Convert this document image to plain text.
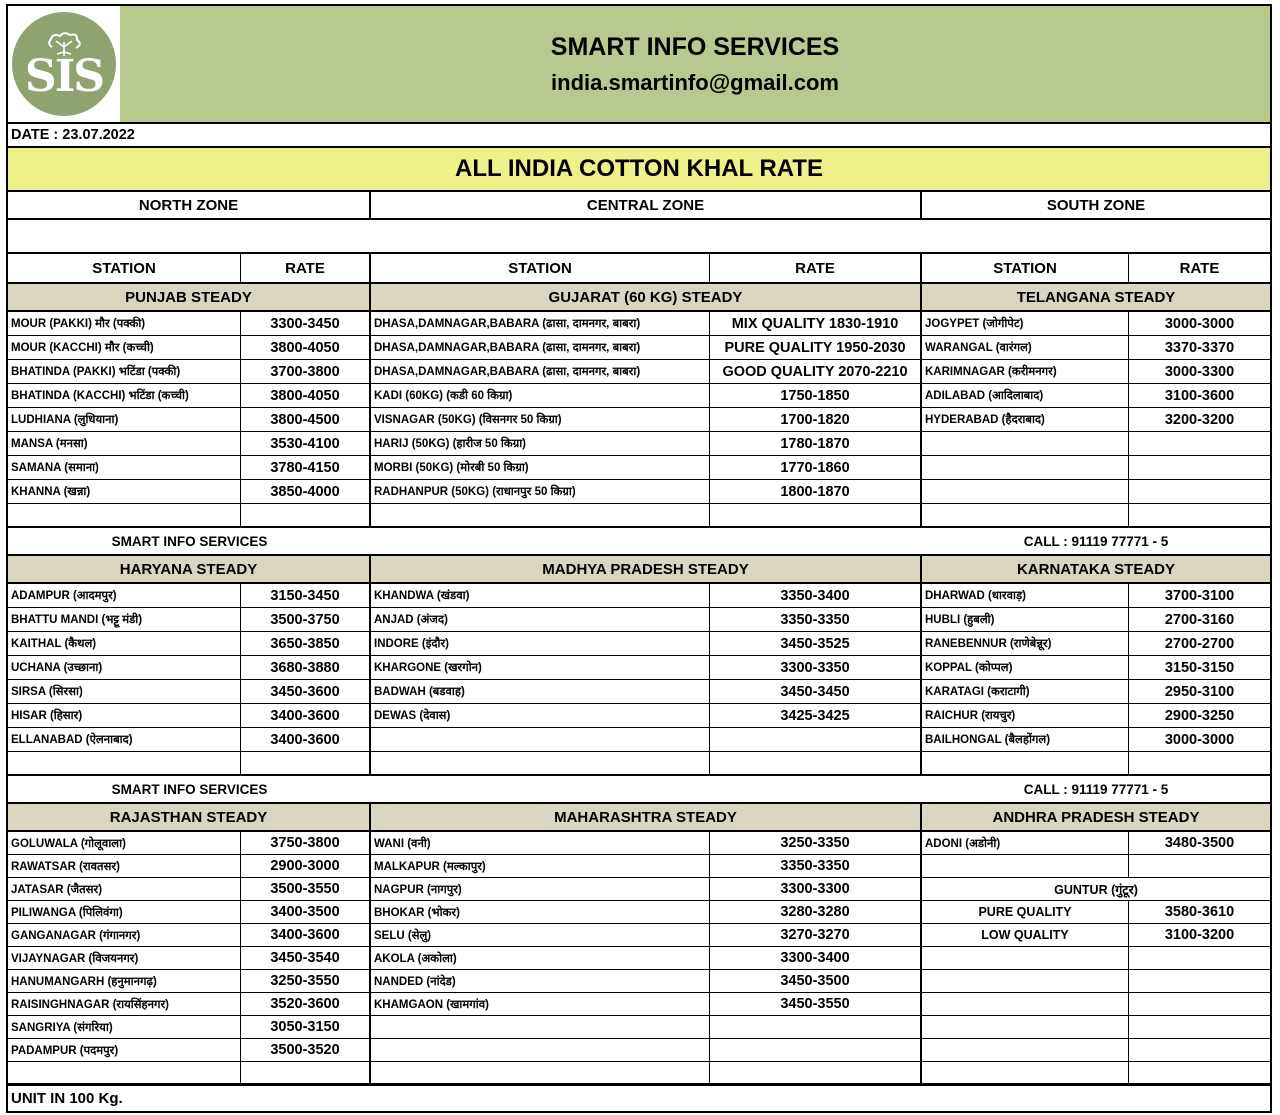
SIS
SMART INFO SERVICES
india.smartinfo@gmail.com
DATE : 23.07.2022
ALL INDIA COTTON KHAL RATE
NORTH ZONE	CENTRAL ZONE	SOUTH ZONE
STATION	RATE	STATION	RATE	STATION	RATE
PUNJAB STEADY	GUJARAT (60 KG) STEADY	TELANGANA STEADY
MOUR (PAKKI) मौर (पक्की)	3300-3450	DHASA,DAMNAGAR,BABARA (ढासा, दामनगर, बाबरा)	MIX QUALITY 1830-1910	JOGYPET (जोगीपेट)	3000-3000
MOUR (KACCHI) मौर (कच्ची)	3800-4050	DHASA,DAMNAGAR,BABARA (ढासा, दामनगर, बाबरा)	PURE QUALITY 1950-2030	WARANGAL (वारंगल)	3370-3370
BHATINDA (PAKKI) भटिंडा (पक्की)	3700-3800	DHASA,DAMNAGAR,BABARA (ढासा, दामनगर, बाबरा)	GOOD QUALITY 2070-2210	KARIMNAGAR (करीमनगर)	3000-3300
BHATINDA (KACCHI) भटिंडा (कच्ची)	3800-4050	KADI (60KG) (कडी 60 किग्रा)	1750-1850	ADILABAD (आदिलाबाद)	3100-3600
LUDHIANA (लुधियाना)	3800-4500	VISNAGAR (50KG) (विसनगर 50 किग्रा)	1700-1820	HYDERABAD (हैदराबाद)	3200-3200
MANSA (मनसा)	3530-4100	HARIJ (50KG) (हारीज 50 किग्रा)	1780-1870
SAMANA (समाना)	3780-4150	MORBI (50KG) (मोरबी 50 किग्रा)	1770-1860
KHANNA (खन्ना)	3850-4000	RADHANPUR (50KG) (राधानपुर 50 किग्रा)	1800-1870
SMART INFO SERVICES	CALL : 91119 77771 - 5
HARYANA STEADY	MADHYA PRADESH STEADY	KARNATAKA STEADY
ADAMPUR (आदमपुर)	3150-3450	KHANDWA (खंडवा)	3350-3400	DHARWAD (धारवाड़)	3700-3100
BHATTU MANDI (भट्टू मंडी)	3500-3750	ANJAD (अंजद)	3350-3350	HUBLI (हुबली)	2700-3160
KAITHAL (कैथल)	3650-3850	INDORE (इंदौर)	3450-3525	RANEBENNUR (राणेबेन्नूर)	2700-2700
UCHANA (उच्छाना)	3680-3880	KHARGONE (खरगोन)	3300-3350	KOPPAL (कोप्पल)	3150-3150
SIRSA (सिरसा)	3450-3600	BADWAH (बडवाह)	3450-3450	KARATAGI (कराटागी)	2950-3100
HISAR (हिसार)	3400-3600	DEWAS (देवास)	3425-3425	RAICHUR (रायचुर)	2900-3250
ELLANABAD (ऐलनाबाद)	3400-3600	BAILHONGAL (बैलहोंगल)	3000-3000
SMART INFO SERVICES	CALL : 91119 77771 - 5
RAJASTHAN STEADY	MAHARASHTRA STEADY	ANDHRA PRADESH STEADY
GOLUWALA (गोलूवाला)	3750-3800	WANI (वनी)	3250-3350	ADONI (अडोनी)	3480-3500
RAWATSAR (रावतसर)	2900-3000	MALKAPUR (मल्कापुर)	3350-3350
JATASAR (जैतसर)	3500-3550	NAGPUR (नागपुर)	3300-3300	GUNTUR (गुंटूर)
PILIWANGA (पिलिवंगा)	3400-3500	BHOKAR (भोकर)	3280-3280	PURE QUALITY	3580-3610
GANGANAGAR (गंगानगर)	3400-3600	SELU (सेलु)	3270-3270	LOW QUALITY	3100-3200
VIJAYNAGAR (विजयनगर)	3450-3540	AKOLA (अकोला)	3300-3400
HANUMANGARH (हनुमानगढ़)	3250-3550	NANDED (नांदेड)	3450-3500
RAISINGHNAGAR (रायसिंहनगर)	3520-3600	KHAMGAON (खामगांव)	3450-3550
SANGRIYA (संगरिया)	3050-3150
PADAMPUR (पदमपुर)	3500-3520
UNIT IN 100 Kg.
